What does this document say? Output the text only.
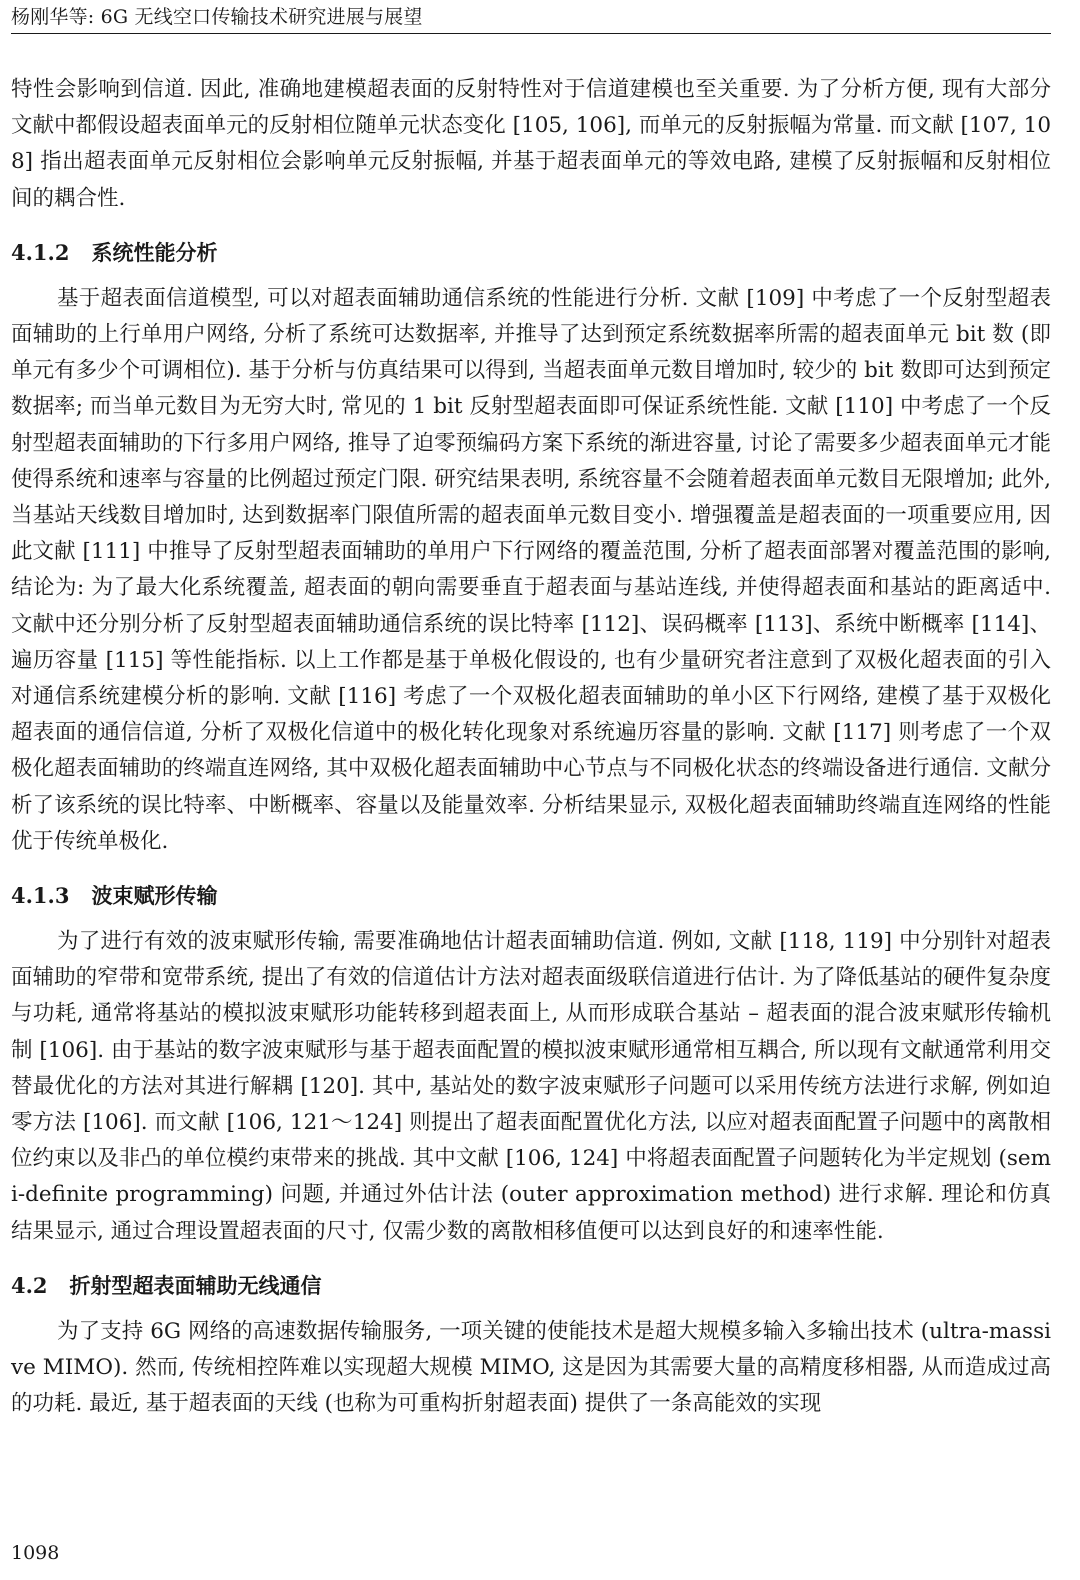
杨刚华等: 6G 无线空口传输技术研究进展与展望

特性会影响到信道. 因此, 准确地建模超表面的反射特性对于信道建模也至关重要. 为了分析方便, 现有大部分文献中都假设超表面单元的反射相位随单元状态变化 [105, 106], 而单元的反射振幅为常量. 而文献 [107, 108] 指出超表面单元反射相位会影响单元反射振幅, 并基于超表面单元的等效电路, 建模了反射振幅和反射相位间的耦合性.

4.1.2 系统性能分析

基于超表面信道模型, 可以对超表面辅助通信系统的性能进行分析. 文献 [109] 中考虑了一个反射型超表面辅助的上行单用户网络, 分析了系统可达数据率, 并推导了达到预定系统数据率所需的超表面单元 bit 数 (即单元有多少个可调相位). 基于分析与仿真结果可以得到, 当超表面单元数目增加时, 较少的 bit 数即可达到预定数据率; 而当单元数目为无穷大时, 常见的 1 bit 反射型超表面即可保证系统性能. 文献 [110] 中考虑了一个反射型超表面辅助的下行多用户网络, 推导了迫零预编码方案下系统的渐进容量, 讨论了需要多少超表面单元才能使得系统和速率与容量的比例超过预定门限. 研究结果表明, 系统容量不会随着超表面单元数目无限增加; 此外, 当基站天线数目增加时, 达到数据率门限值所需的超表面单元数目变小. 增强覆盖是超表面的一项重要应用, 因此文献 [111] 中推导了反射型超表面辅助的单用户下行网络的覆盖范围, 分析了超表面部署对覆盖范围的影响, 结论为: 为了最大化系统覆盖, 超表面的朝向需要垂直于超表面与基站连线, 并使得超表面和基站的距离适中. 文献中还分别分析了反射型超表面辅助通信系统的误比特率 [112]、误码概率 [113]、系统中断概率 [114]、遍历容量 [115] 等性能指标. 以上工作都是基于单极化假设的, 也有少量研究者注意到了双极化超表面的引入对通信系统建模分析的影响. 文献 [116] 考虑了一个双极化超表面辅助的单小区下行网络, 建模了基于双极化超表面的通信信道, 分析了双极化信道中的极化转化现象对系统遍历容量的影响. 文献 [117] 则考虑了一个双极化超表面辅助的终端直连网络, 其中双极化超表面辅助中心节点与不同极化状态的终端设备进行通信. 文献分析了该系统的误比特率、中断概率、容量以及能量效率. 分析结果显示, 双极化超表面辅助终端直连网络的性能优于传统单极化.

4.1.3 波束赋形传输

为了进行有效的波束赋形传输, 需要准确地估计超表面辅助信道. 例如, 文献 [118, 119] 中分别针对超表面辅助的窄带和宽带系统, 提出了有效的信道估计方法对超表面级联信道进行估计. 为了降低基站的硬件复杂度与功耗, 通常将基站的模拟波束赋形功能转移到超表面上, 从而形成联合基站 – 超表面的混合波束赋形传输机制 [106]. 由于基站的数字波束赋形与基于超表面配置的模拟波束赋形通常相互耦合, 所以现有文献通常利用交替最优化的方法对其进行解耦 [120]. 其中, 基站处的数字波束赋形子问题可以采用传统方法进行求解, 例如迫零方法 [106]. 而文献 [106, 121～124] 则提出了超表面配置优化方法, 以应对超表面配置子问题中的离散相位约束以及非凸的单位模约束带来的挑战. 其中文献 [106, 124] 中将超表面配置子问题转化为半定规划 (semi-definite programming) 问题, 并通过外估计法 (outer approximation method) 进行求解. 理论和仿真结果显示, 通过合理设置超表面的尺寸, 仅需少数的离散相移值便可以达到良好的和速率性能.

4.2 折射型超表面辅助无线通信

为了支持 6G 网络的高速数据传输服务, 一项关键的使能技术是超大规模多输入多输出技术 (ultra-massive MIMO). 然而, 传统相控阵难以实现超大规模 MIMO, 这是因为其需要大量的高精度移相器, 从而造成过高的功耗. 最近, 基于超表面的天线 (也称为可重构折射超表面) 提供了一条高能效的实现

1098
